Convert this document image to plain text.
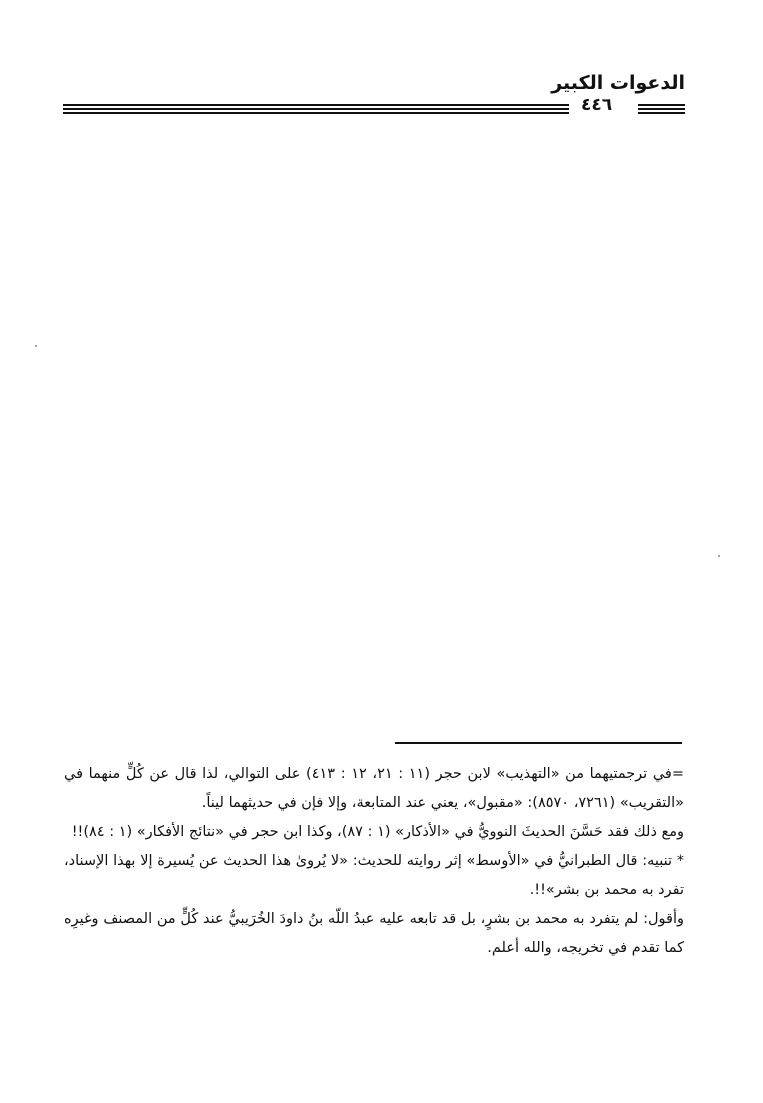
الدعوات الكبير
٤٤٦

=في ترجمتيهما من «التهذيب» لابن حجر (١١ : ٢١، ١٢ : ٤١٣) على التوالي، لذا قال عن كُلٍّ منهما في «التقريب» (٧٢٦١، ٨٥٧٠): «مقبول»، يعني عند المتابعة، وإلا فإن في حديثهما ليناً.

ومع ذلك فقد حَسَّنَ الحديثَ النوويُّ في «الأذكار» (١ : ٨٧)، وكذا ابن حجر في «نتائج الأفكار» (١ : ٨٤)!!

* تنبيه: قال الطبرانيُّ في «الأوسط» إثر روايته للحديث: «لا يُروىٰ هذا الحديث عن يُسيرة إلا بهذا الإسناد، تفرد به محمد بن بشر»!!.

وأقول: لم يتفرد به محمد بن بشرٍ، بل قد تابعه عليه عبدُ اللّه بنُ داودَ الخُرَيبيُّ عند كُلٍّ من المصنف وغيرِه كما تقدم في تخريجه، والله أعلم.
